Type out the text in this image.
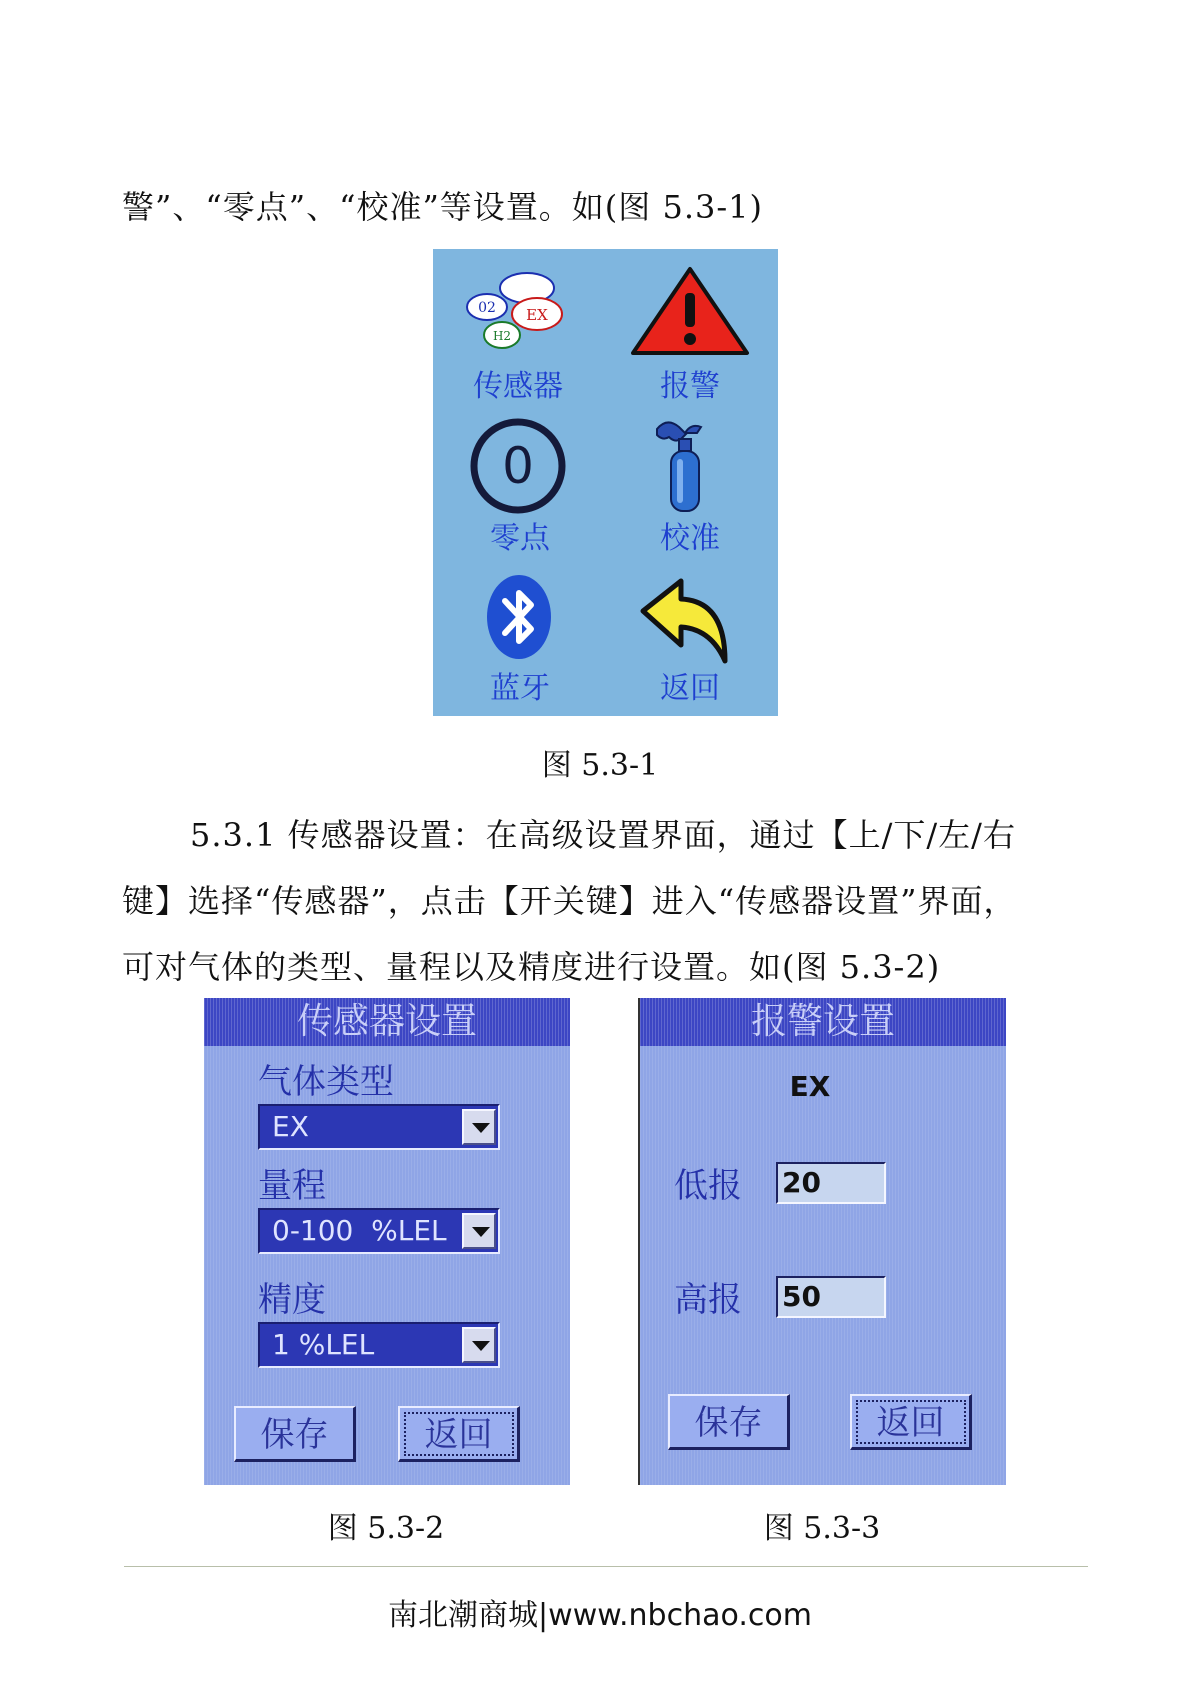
警”、“零点”、“校准”等设置。如(图 5.3-1)
02 EX
H2
传感器	报警
0
零点	校准
蓝牙	返回
图 5.3-1
5.3.1 传感器设置：在高级设置界面，通过【上/下/左/右
键】选择“传感器”，点击【开关键】进入“传感器设置”界面，
可对气体的类型、量程以及精度进行设置。如(图 5.3-2)
传感器设置
气体类型
EX
量程
0-100  %LEL
精度
1 %LEL
保存	返回
报警设置
EX
低报 20
高报 50
保存	返回
图 5.3-2	图 5.3-3
南北潮商城|www.nbchao.com
